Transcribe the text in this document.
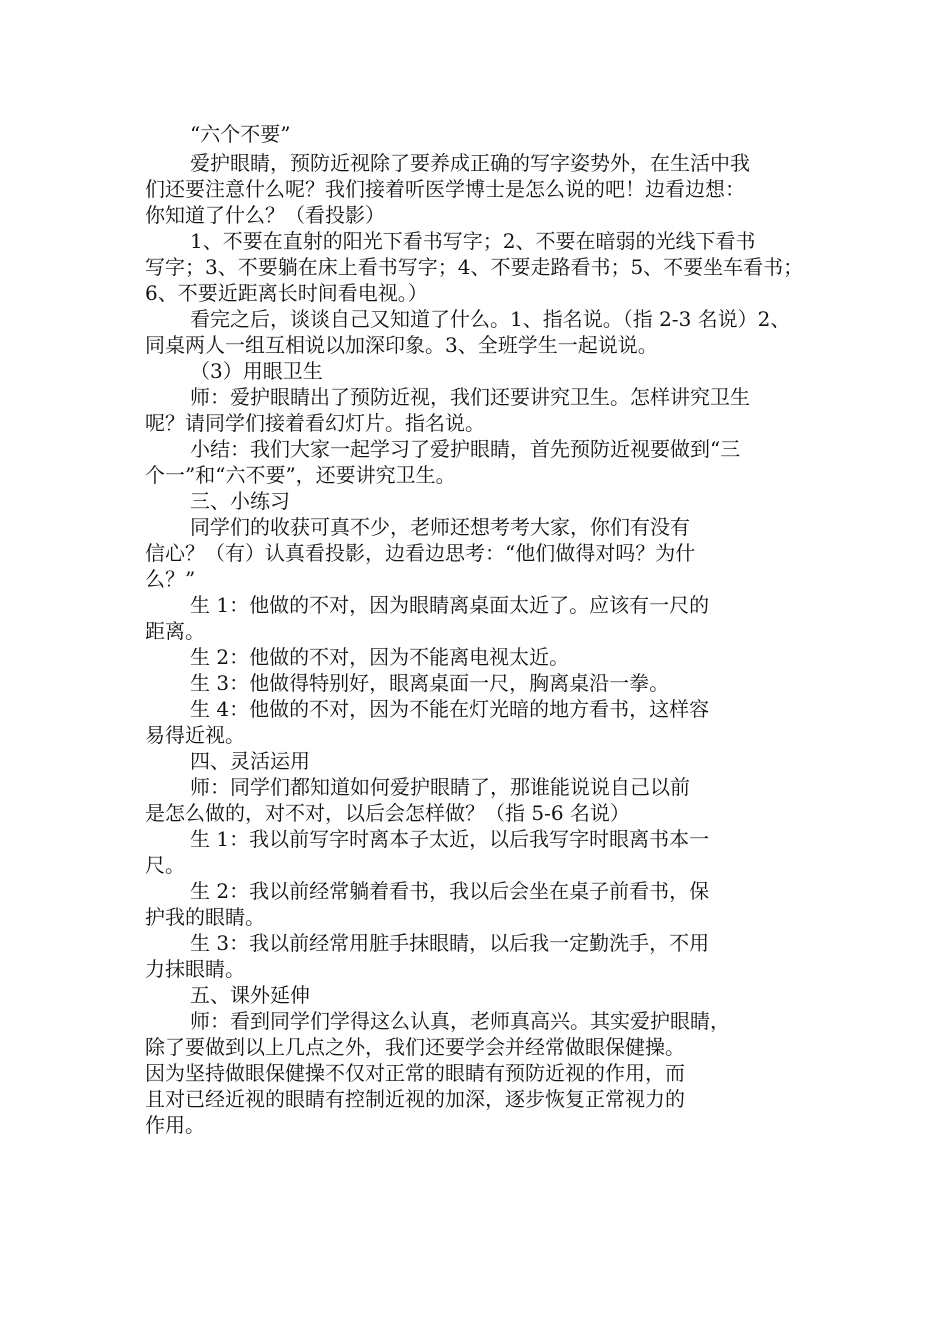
“六个不要”
爱护眼睛，预防近视除了要养成正确的写字姿势外，在生活中我
们还要注意什么呢？我们接着听医学博士是怎么说的吧！边看边想：
你知道了什么？（看投影）
1、不要在直射的阳光下看书写字；2、不要在暗弱的光线下看书
写字；3、不要躺在床上看书写字；4、不要走路看书；5、不要坐车看书；
6、不要近距离长时间看电视。）
看完之后，谈谈自己又知道了什么。1、指名说。（指 2-3 名说）2、
同桌两人一组互相说以加深印象。3、全班学生一起说说。
（3）用眼卫生
师：爱护眼睛出了预防近视，我们还要讲究卫生。怎样讲究卫生
呢？请同学们接着看幻灯片。指名说。
小结：我们大家一起学习了爱护眼睛，首先预防近视要做到“三
个一”和“六不要”，还要讲究卫生。
三、小练习
同学们的收获可真不少，老师还想考考大家，你们有没有
信心？（有）认真看投影，边看边思考：“他们做得对吗？为什
么？”
生 1：他做的不对，因为眼睛离桌面太近了。应该有一尺的
距离。
生 2：他做的不对，因为不能离电视太近。
生 3：他做得特别好，眼离桌面一尺，胸离桌沿一拳。
生 4：他做的不对，因为不能在灯光暗的地方看书，这样容
易得近视。
四、灵活运用
师：同学们都知道如何爱护眼睛了，那谁能说说自己以前
是怎么做的，对不对，以后会怎样做？（指 5-6 名说）
生 1：我以前写字时离本子太近，以后我写字时眼离书本一
尺。
生 2：我以前经常躺着看书，我以后会坐在桌子前看书，保
护我的眼睛。
生 3：我以前经常用脏手抹眼睛，以后我一定勤洗手，不用
力抹眼睛。
五、课外延伸
师：看到同学们学得这么认真，老师真高兴。其实爱护眼睛，
除了要做到以上几点之外，我们还要学会并经常做眼保健操。
因为坚持做眼保健操不仅对正常的眼睛有预防近视的作用，而
且对已经近视的眼睛有控制近视的加深，逐步恢复正常视力的
作用。
